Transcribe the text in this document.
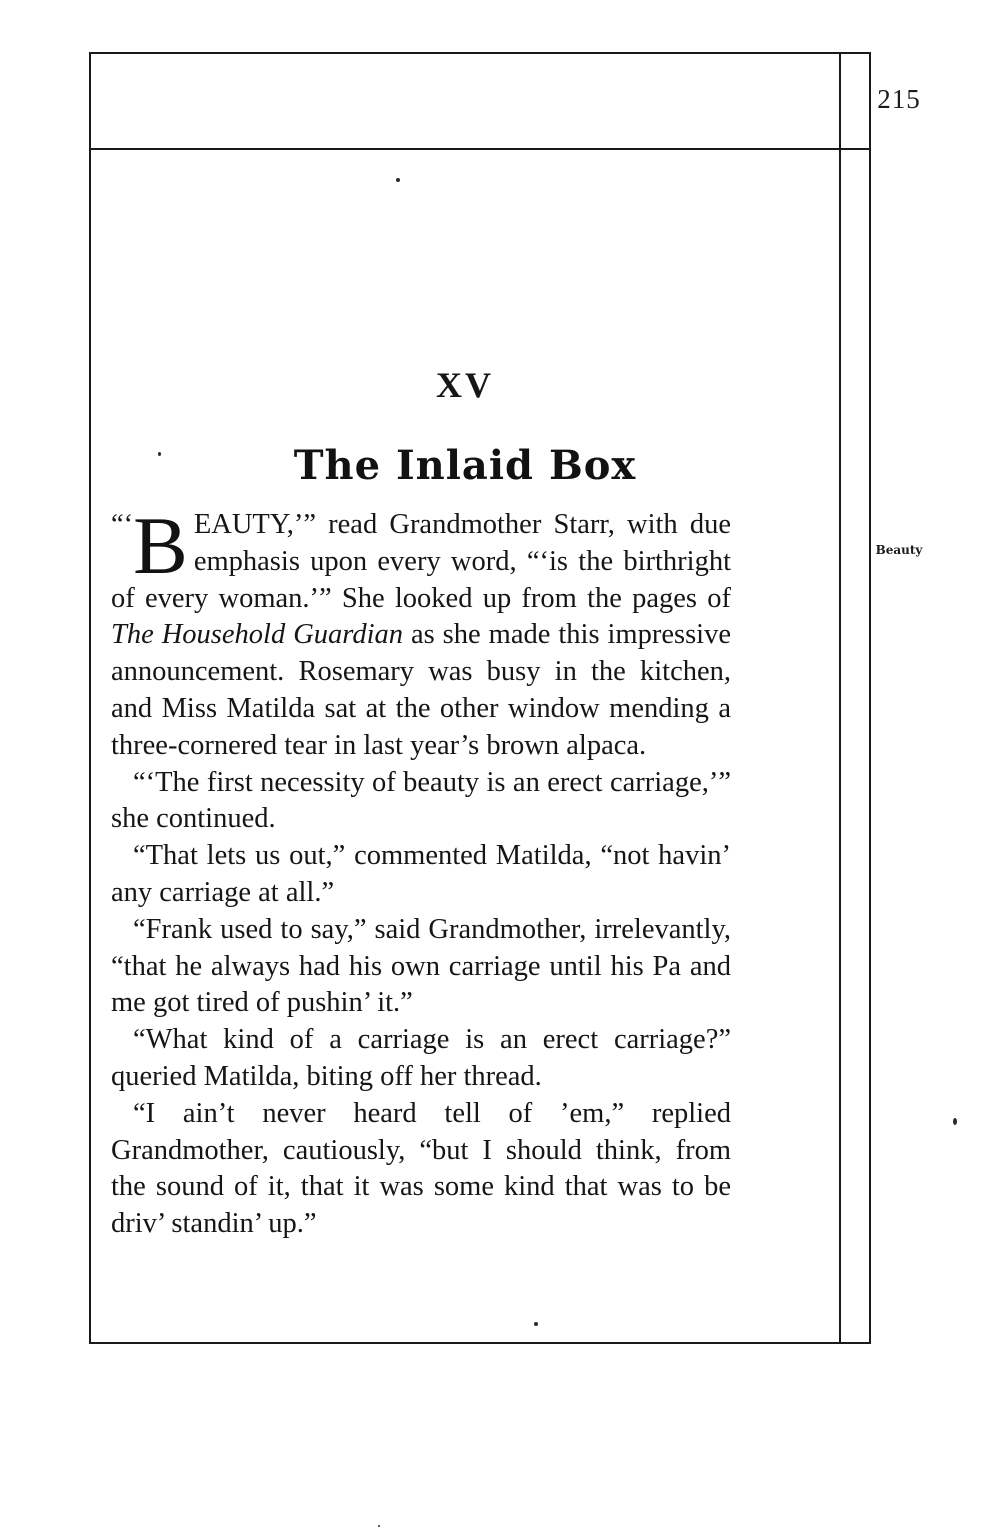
215
XV
The Inlaid Box
Beauty

“‘ B EAUTY,’” read Grandmother Starr, with due emphasis upon every word, “‘is the birthright of every woman.’” She looked up from the pages of The Household Guardian as she made this impressive announcement. Rosemary was busy in the kitchen, and Miss Matilda sat at the other window mending a three-cornered tear in last year’s brown alpaca.

“‘The first necessity of beauty is an erect carriage,’” she continued.

“That lets us out,” commented Matilda, “not havin’ any carriage at all.”

“Frank used to say,” said Grandmother, irrelevantly, “that he always had his own carriage until his Pa and me got tired of pushin’ it.”

“What kind of a carriage is an erect carriage?” queried Matilda, biting off her thread.

“I ain’t never heard tell of ’em,” replied Grandmother, cautiously, “but I should think, from the sound of it, that it was some kind that was to be driv’ standin’ up.”
